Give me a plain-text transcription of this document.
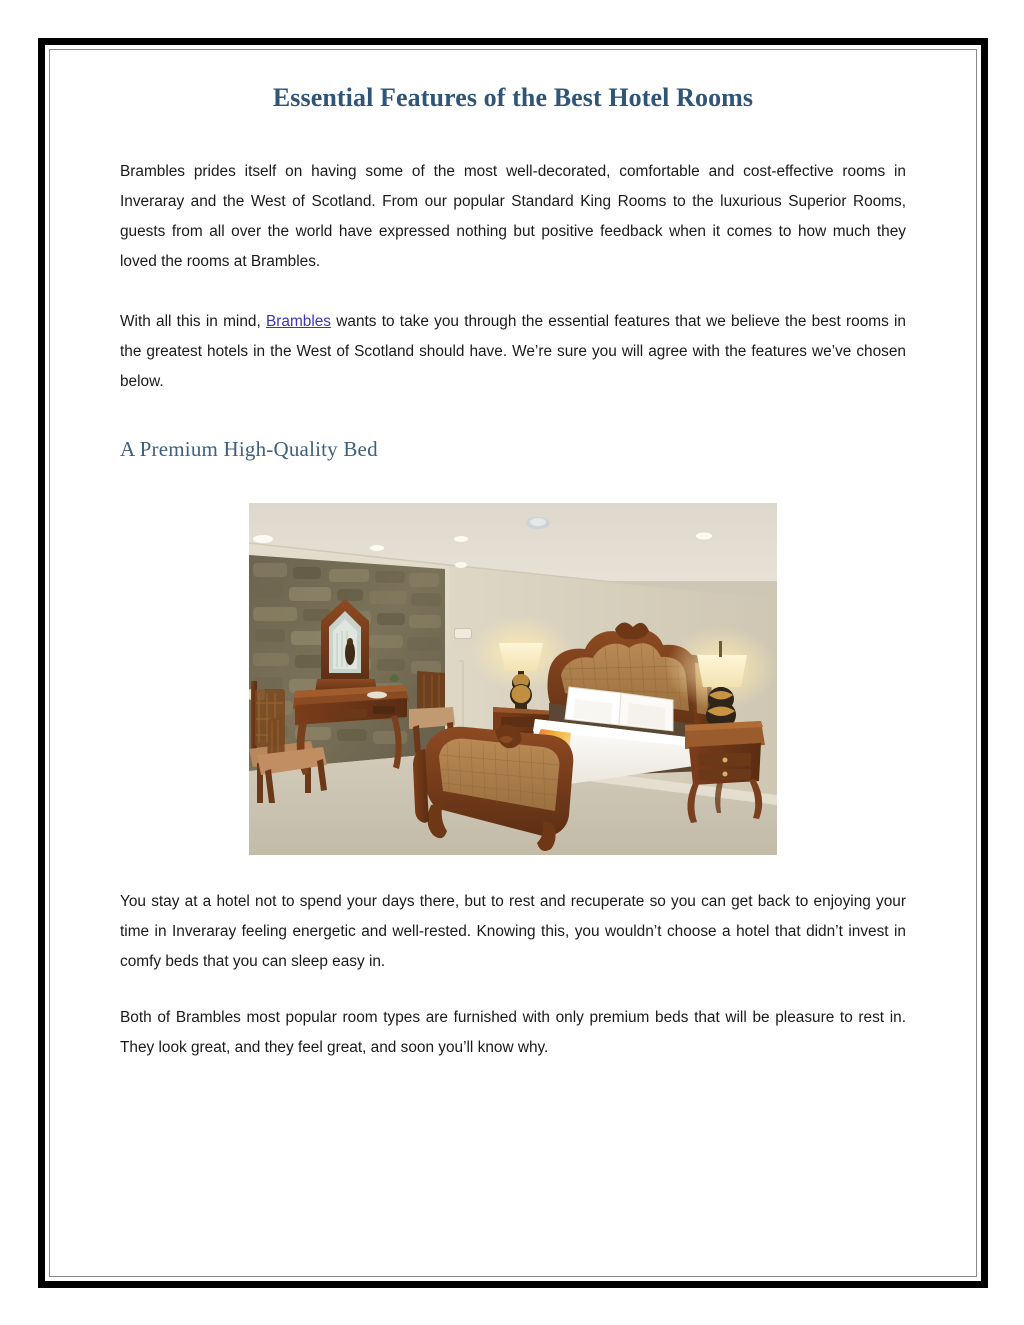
Essential Features of the Best Hotel Rooms

Brambles prides itself on having some of the most well-decorated, comfortable and cost-effective rooms in Inveraray and the West of Scotland. From our popular Standard King Rooms to the luxurious Superior Rooms, guests from all over the world have expressed nothing but positive feedback when it comes to how much they loved the rooms at Brambles.

With all this in mind, Brambles wants to take you through the essential features that we believe the best rooms in the greatest hotels in the West of Scotland should have. We’re sure you will agree with the features we’ve chosen below.

A Premium High-Quality Bed

You stay at a hotel not to spend your days there, but to rest and recuperate so you can get back to enjoying your time in Inveraray feeling energetic and well-rested. Knowing this, you wouldn’t choose a hotel that didn’t invest in comfy beds that you can sleep easy in.

Both of Brambles most popular room types are furnished with only premium beds that will be pleasure to rest in. They look great, and they feel great, and soon you’ll know why.
